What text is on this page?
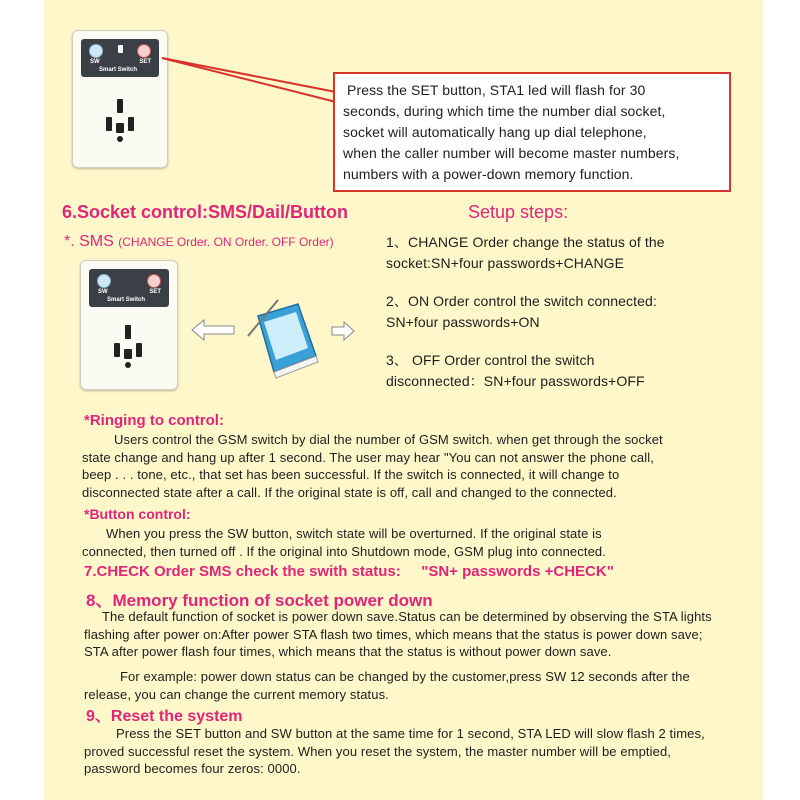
SW	SET
Smart Switch
Press the SET button, STA1 led will flash for 30
seconds, during which time the number dial socket,
socket will automatically hang up dial telephone,
when the caller number will become master numbers,
numbers with a power-down memory function.
6.Socket control:SMS/Dail/Button	Setup steps:
*. SMS (CHANGE Order. ON Order. OFF Order)	1、CHANGE Order change the status of the
socket:SN+four passwords+CHANGE
2、ON Order control the switch connected:
SN+four passwords+ON
3、 OFF Order control the switch
disconnected：SN+four passwords+OFF
SW	SET
Smart Switch
*Ringing to control:
Users control the GSM switch by dial the number of GSM switch. when get through the socket
state change and hang up after 1 second. The user may hear "You can not answer the phone call,
beep . . . tone, etc., that set has been successful. If the switch is connected, it will change to
disconnected state after a call. If the original state is off, call and changed to the connected.
*Button control:
When you press the SW button, switch state will be overturned. If the original state is
connected, then turned off . If the original into Shutdown mode, GSM plug into connected.
7.CHECK Order SMS check the swith status: "SN+ passwords +CHECK"
8、Memory function of socket power down
The default function of socket is power down save.Status can be determined by observing the STA lights
flashing after power on:After power STA flash two times, which means that the status is power down save;
STA after power flash four times, which means that the status is without power down save.
For example: power down status can be changed by the customer,press SW 12 seconds after the
release, you can change the current memory status.
9、Reset the system
Press the SET button and SW button at the same time for 1 second, STA LED will slow flash 2 times,
proved successful reset the system. When you reset the system, the master number will be emptied,
password becomes four zeros: 0000.
